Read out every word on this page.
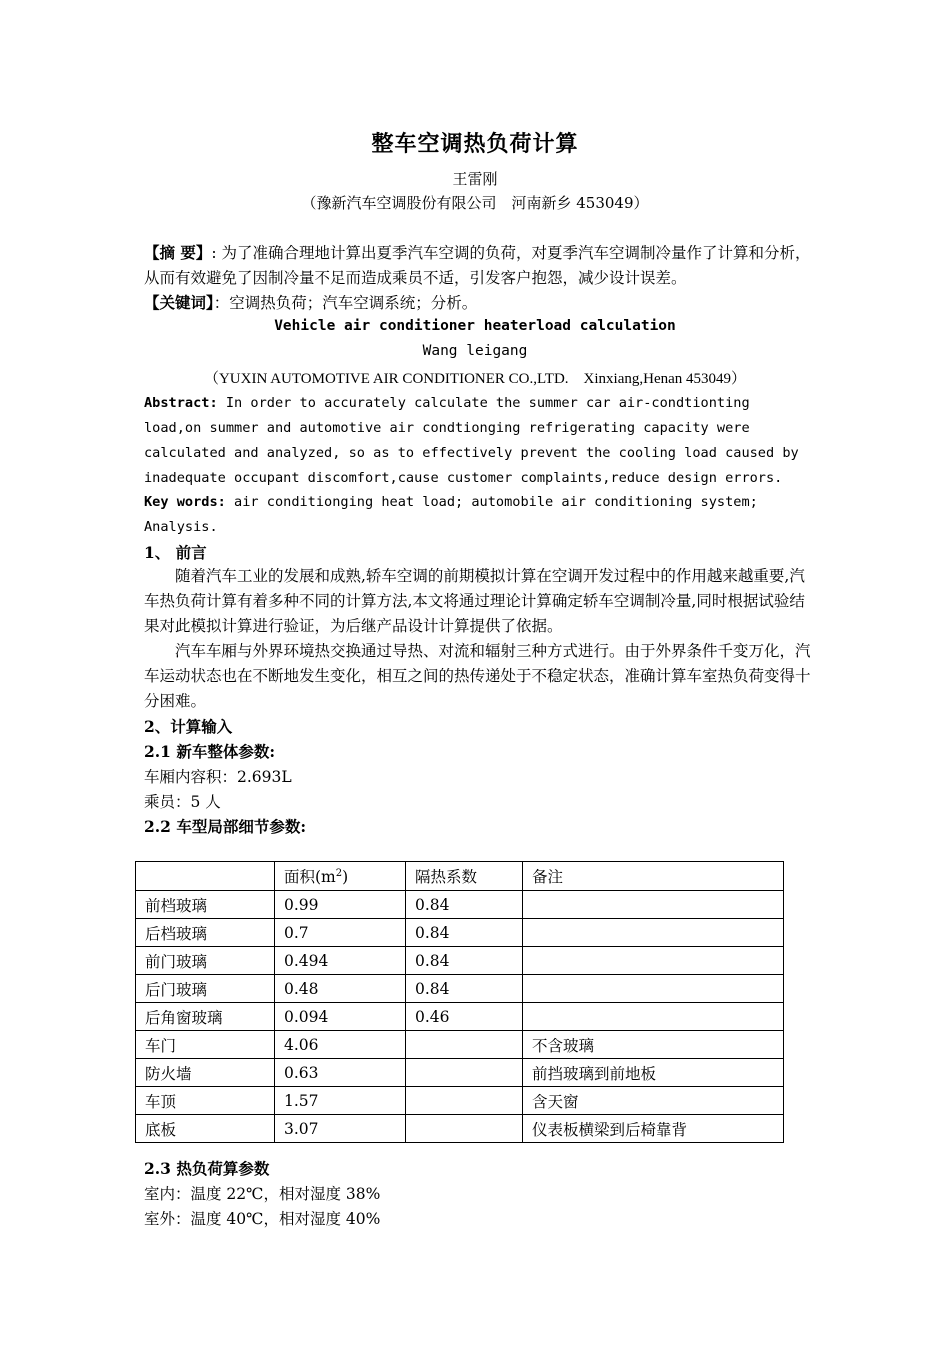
整车空调热负荷计算
王雷刚
（豫新汽车空调股份有限公司　河南新乡 453049）
【摘 要】: 为了准确合理地计算出夏季汽车空调的负荷，对夏季汽车空调制冷量作了计算和分析，从而有效避免了因制冷量不足而造成乘员不适，引发客户抱怨，减少设计误差。
【关键词】：空调热负荷；汽车空调系统；分析。
Vehicle air conditioner heaterload calculation
Wang leigang
（YUXIN AUTOMOTIVE AIR CONDITIONER CO.,LTD.　Xinxiang,Henan 453049）
Abstract: In order to accurately calculate the summer car air-condtionting load,on summer and automotive air condtionging refrigerating capacity were calculated and analyzed, so as to effectively prevent the cooling load caused by inadequate occupant discomfort,cause customer complaints,reduce design errors.
Key words: air conditionging heat load; automobile air conditioning system; Analysis.
1、 前言
随着汽车工业的发展和成熟,轿车空调的前期模拟计算在空调开发过程中的作用越来越重要,汽车热负荷计算有着多种不同的计算方法,本文将通过理论计算确定轿车空调制冷量,同时根据试验结果对此模拟计算进行验证，为后继产品设计计算提供了依据。
汽车车厢与外界环境热交换通过导热、对流和辐射三种方式进行。由于外界条件千变万化，汽车运动状态也在不断地发生变化，相互之间的热传递处于不稳定状态，准确计算车室热负荷变得十分困难。
2、计算输入
2.1 新车整体参数:
车厢内容积：2.693L
乘员：5 人
2.2 车型局部细节参数:
	面积$(m^2)$	隔热系数	备注
前档玻璃	0.99	0.84	
后档玻璃	0.7	0.84	
前门玻璃	0.494	0.84	
后门玻璃	0.48	0.84	
后角窗玻璃	0.094	0.46	
车门	4.06		不含玻璃
防火墙	0.63		前挡玻璃到前地板
车顶	1.57		含天窗
底板	3.07		仪表板横梁到后椅靠背
2.3 热负荷算参数
室内：温度 22℃，相对湿度 38%
室外：温度 40℃，相对湿度 40%
